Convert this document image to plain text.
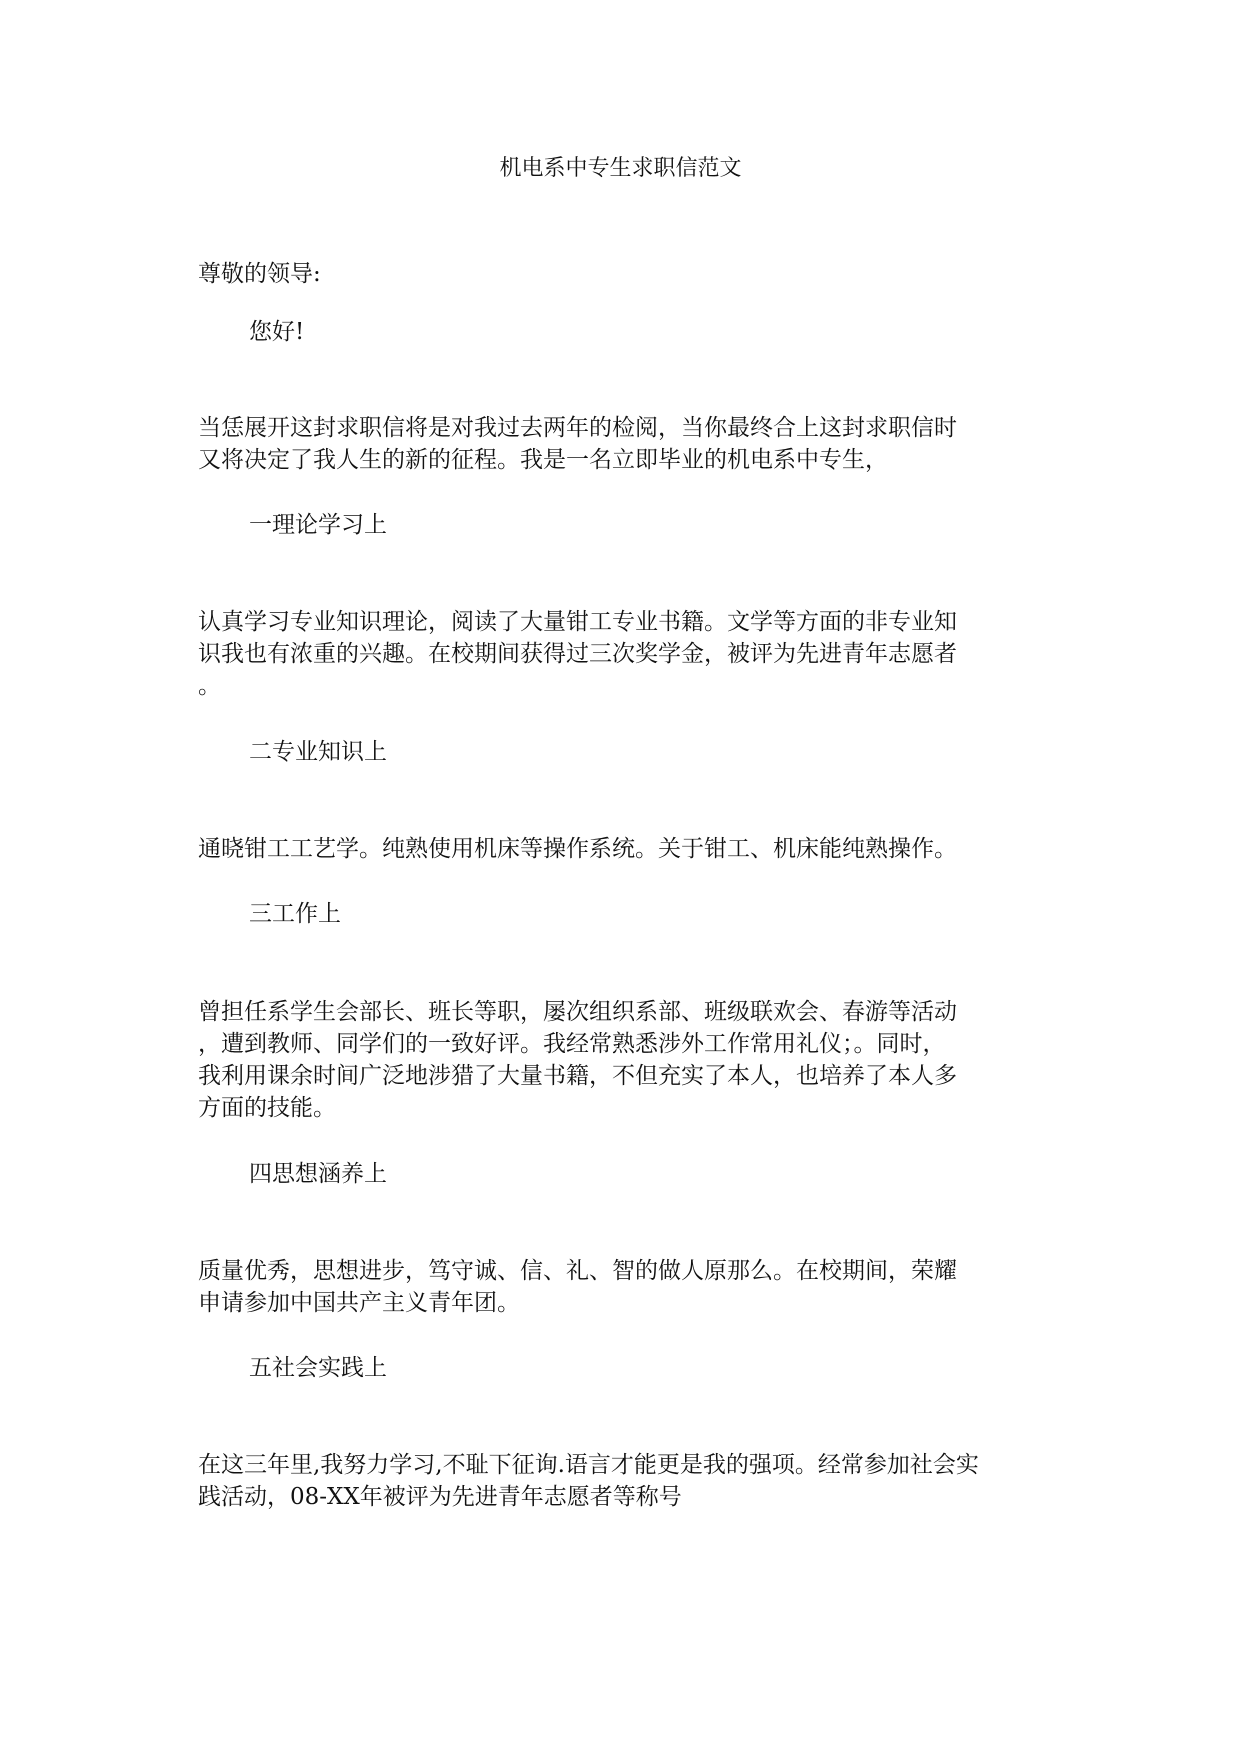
机电系中专生求职信范文
尊敬的领导:
您好!
当恁展开这封求职信将是对我过去两年的检阅，当你最终合上这封求职信时
又将决定了我人生的新的征程。我是一名立即毕业的机电系中专生，
一理论学习上
认真学习专业知识理论，阅读了大量钳工专业书籍。文学等方面的非专业知
识我也有浓重的兴趣。在校期间获得过三次奖学金，被评为先进青年志愿者
。
二专业知识上
通晓钳工工艺学。纯熟使用机床等操作系统。关于钳工、机床能纯熟操作。
三工作上
曾担任系学生会部长、班长等职，屡次组织系部、班级联欢会、春游等活动
，遭到教师、同学们的一致好评。我经常熟悉涉外工作常用礼仪；。同时，
我利用课余时间广泛地涉猎了大量书籍，不但充实了本人，也培养了本人多
方面的技能。
四思想涵养上
质量优秀，思想进步，笃守诚、信、礼、智的做人原那么。在校期间，荣耀
申请参加中国共产主义青年团。
五社会实践上
在这三年里,我努力学习,不耻下征询.语言才能更是我的强项。经常参加社会实
践活动，08-XX年被评为先进青年志愿者等称号
